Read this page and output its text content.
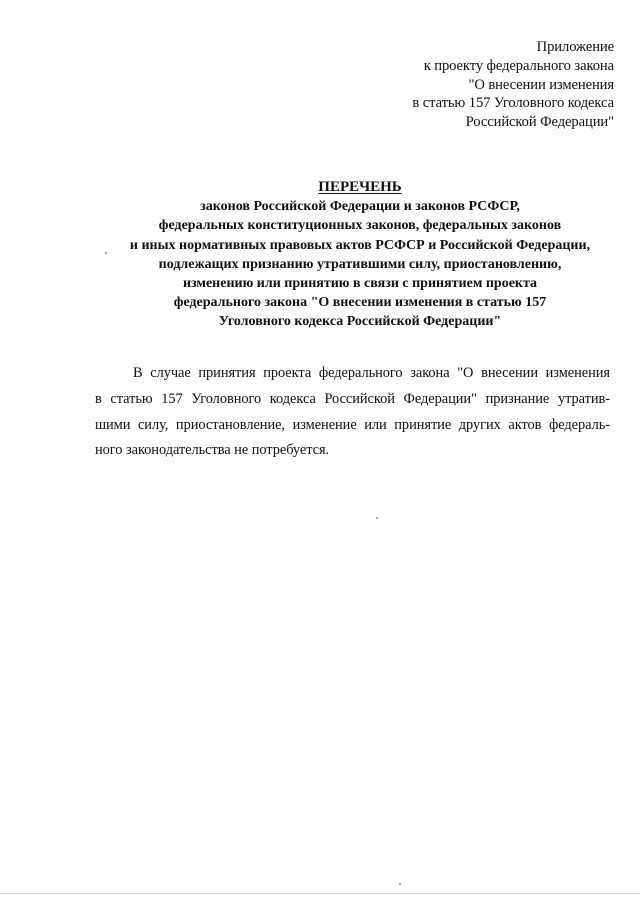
Приложение
к проекту федерального закона
"О внесении изменения
в статью 157 Уголовного кодекса
Российской Федерации"
ПЕРЕЧЕНЬ
законов Российской Федерации и законов РСФСР,
федеральных конституционных законов, федеральных законов
и иных нормативных правовых актов РСФСР и Российской Федерации,
подлежащих признанию утратившими силу, приостановлению,
изменению или принятию в связи с принятием проекта
федерального закона "О внесении изменения в статью 157
Уголовного кодекса Российской Федерации"
В случае принятия проекта федерального закона "О внесении изменения
в статью 157 Уголовного кодекса Российской Федерации" признание утратив-
шими силу, приостановление, изменение или принятие других актов федераль-
ного законодательства не потребуется.
